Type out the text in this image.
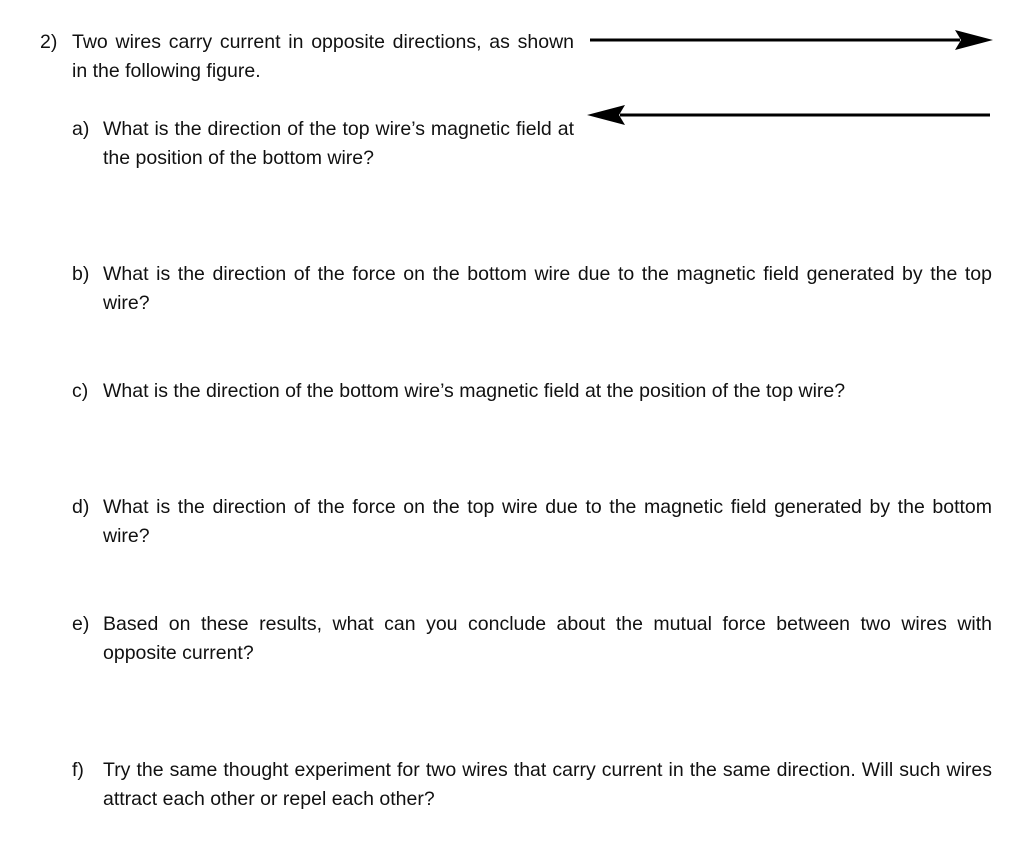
2) Two wires carry current in opposite directions, as shown in the following figure.
a) What is the direction of the top wire’s magnetic field at the position of the bottom wire?
b) What is the direction of the force on the bottom wire due to the magnetic field generated by the top wire?
c) What is the direction of the bottom wire’s magnetic field at the position of the top wire?
d) What is the direction of the force on the top wire due to the magnetic field generated by the bottom wire?
e) Based on these results, what can you conclude about the mutual force between two wires with opposite current?
f) Try the same thought experiment for two wires that carry current in the same direction. Will such wires attract each other or repel each other?
